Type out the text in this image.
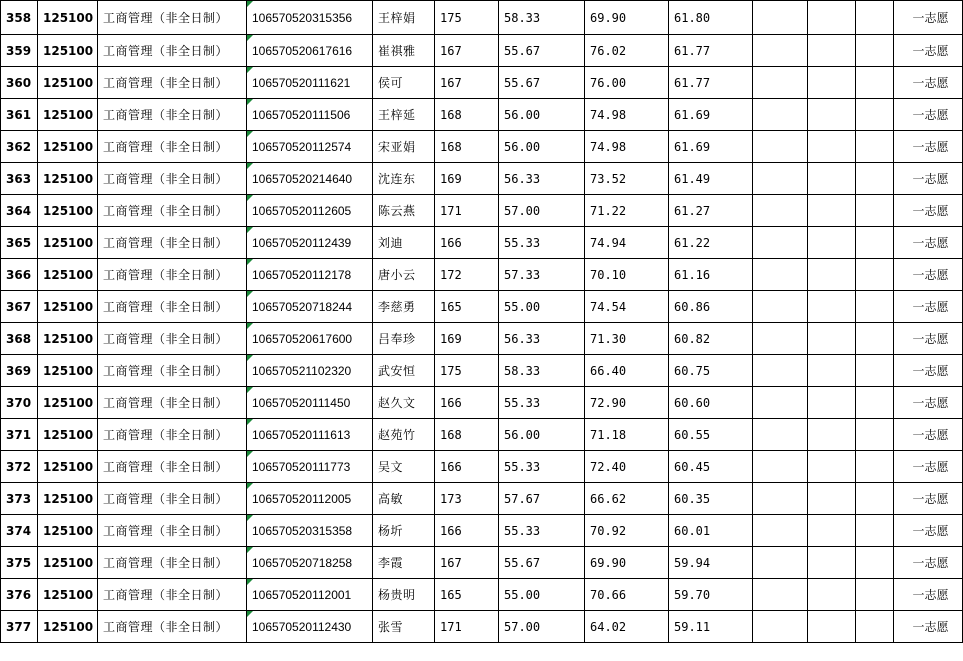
358	125100	工商管理（非全日制）	106570520315356	王梓娟	175	58.33	69.90	61.80				一志愿
359	125100	工商管理（非全日制）	106570520617616	崔祺雅	167	55.67	76.02	61.77				一志愿
360	125100	工商管理（非全日制）	106570520111621	侯可	167	55.67	76.00	61.77				一志愿
361	125100	工商管理（非全日制）	106570520111506	王梓延	168	56.00	74.98	61.69				一志愿
362	125100	工商管理（非全日制）	106570520112574	宋亚娟	168	56.00	74.98	61.69				一志愿
363	125100	工商管理（非全日制）	106570520214640	沈连东	169	56.33	73.52	61.49				一志愿
364	125100	工商管理（非全日制）	106570520112605	陈云燕	171	57.00	71.22	61.27				一志愿
365	125100	工商管理（非全日制）	106570520112439	刘迪	166	55.33	74.94	61.22				一志愿
366	125100	工商管理（非全日制）	106570520112178	唐小云	172	57.33	70.10	61.16				一志愿
367	125100	工商管理（非全日制）	106570520718244	李慈勇	165	55.00	74.54	60.86				一志愿
368	125100	工商管理（非全日制）	106570520617600	吕奉珍	169	56.33	71.30	60.82				一志愿
369	125100	工商管理（非全日制）	106570521102320	武安恒	175	58.33	66.40	60.75				一志愿
370	125100	工商管理（非全日制）	106570520111450	赵久文	166	55.33	72.90	60.60				一志愿
371	125100	工商管理（非全日制）	106570520111613	赵苑竹	168	56.00	71.18	60.55				一志愿
372	125100	工商管理（非全日制）	106570520111773	吴文	166	55.33	72.40	60.45				一志愿
373	125100	工商管理（非全日制）	106570520112005	高敏	173	57.67	66.62	60.35				一志愿
374	125100	工商管理（非全日制）	106570520315358	杨圻	166	55.33	70.92	60.01				一志愿
375	125100	工商管理（非全日制）	106570520718258	李霞	167	55.67	69.90	59.94				一志愿
376	125100	工商管理（非全日制）	106570520112001	杨贵明	165	55.00	70.66	59.70				一志愿
377	125100	工商管理（非全日制）	106570520112430	张雪	171	57.00	64.02	59.11				一志愿
